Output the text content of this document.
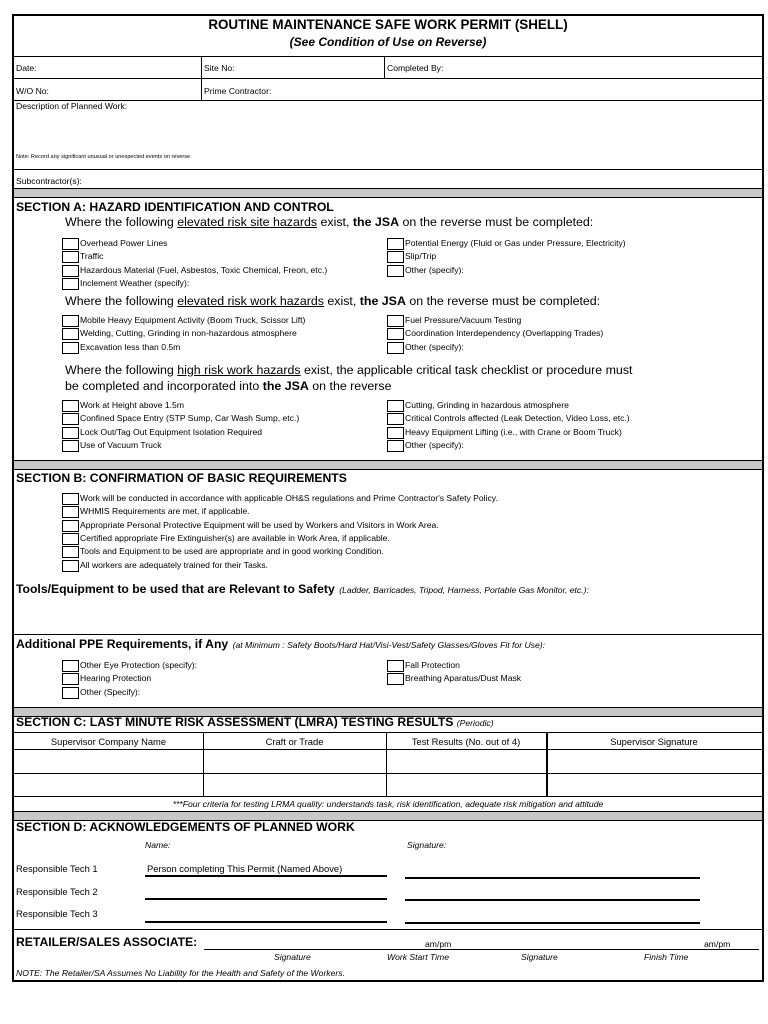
ROUTINE MAINTENANCE SAFE WORK PERMIT (SHELL)
(See Condition of Use on Reverse)
Date:	Site No:	Completed By:
W/O No:	Prime Contractor:
Description of Planned Work:
Note: Record any significant unusual or unexpected events on reverse.
Subcontractor(s):
SECTION A: HAZARD IDENTIFICATION AND CONTROL
Where the following elevated risk site hazards exist, the JSA on the reverse must be completed:
Overhead Power Lines
Traffic
Hazardous Material (Fuel, Asbestos, Toxic Chemical, Freon, etc.)
Inclement Weather (specify):
Potential Energy (Fluid or Gas under Pressure, Electricity)
Slip/Trip
Other (specify):
Where the following elevated risk work hazards exist, the JSA on the reverse must be completed:
Mobile Heavy Equipment Activity (Boom Truck, Scissor Lift)
Welding, Cutting, Grinding in non-hazardous atmosphere
Excavation less than 0.5m
Fuel Pressure/Vacuum Testing
Coordination Interdependency (Overlapping Trades)
Other (specify):
Where the following high risk work hazards exist, the applicable critical task checklist or procedure must
be completed and incorporated into the JSA on the reverse
Work at Height above 1.5m
Confined Space Entry (STP Sump, Car Wash Sump, etc.)
Lock Out/Tag Out Equipment Isolation Required
Use of Vacuum Truck
Cutting, Grinding in hazardous atmosphere
Critical Controls affected (Leak Detection, Video Loss, etc.)
Heavy Equipment Lifting (i.e., with Crane or Boom Truck)
Other (specify):
SECTION B: CONFIRMATION OF BASIC REQUIREMENTS
Work will be conducted in accordance with applicable OH&S regulations and Prime Contractor's Safety Policy.
WHMIS Requirements are met, if applicable.
Appropriate Personal Protective Equipment will be used by Workers and Visitors in Work Area.
Certified appropriate Fire Extinguisher(s) are available in Work Area, if applicable.
Tools and Equipment to be used are appropriate and in good working Condition.
All workers are adequately trained for their Tasks.
Tools/Equipment to be used that are Relevant to Safety (Ladder, Barricades, Tripod, Harness, Portable Gas Monitor, etc.):
Additional PPE Requirements, if Any (at Minimum : Safety Boots/Hard Hat/Visi-Vest/Safety Glasses/Gloves Fit for Use):
Other Eye Protection (specify):
Hearing Protection
Other (Specify):
Fall Protection
Breathing Aparatus/Dust Mask
SECTION C: LAST MINUTE RISK ASSESSMENT (LMRA) TESTING RESULTS (Periodic)
Supervisor Company Name	Craft or Trade	Test Results (No. out of 4)	Supervisor Signature
***Four criteria for testing LRMA quality: understands task, risk identification, adequate risk mitigation and attitude
SECTION D: ACKNOWLEDGEMENTS OF PLANNED WORK
Name:	Signature:
Responsible Tech 1	Person completing This Permit (Named Above)
Responsible Tech 2
Responsible Tech 3
RETAILER/SALES ASSOCIATE:	am/pm	am/pm
Signature	Work Start Time	Signature	Finish Time
NOTE: The Retailer/SA Assumes No Liability for the Health and Safety of the Workers.
